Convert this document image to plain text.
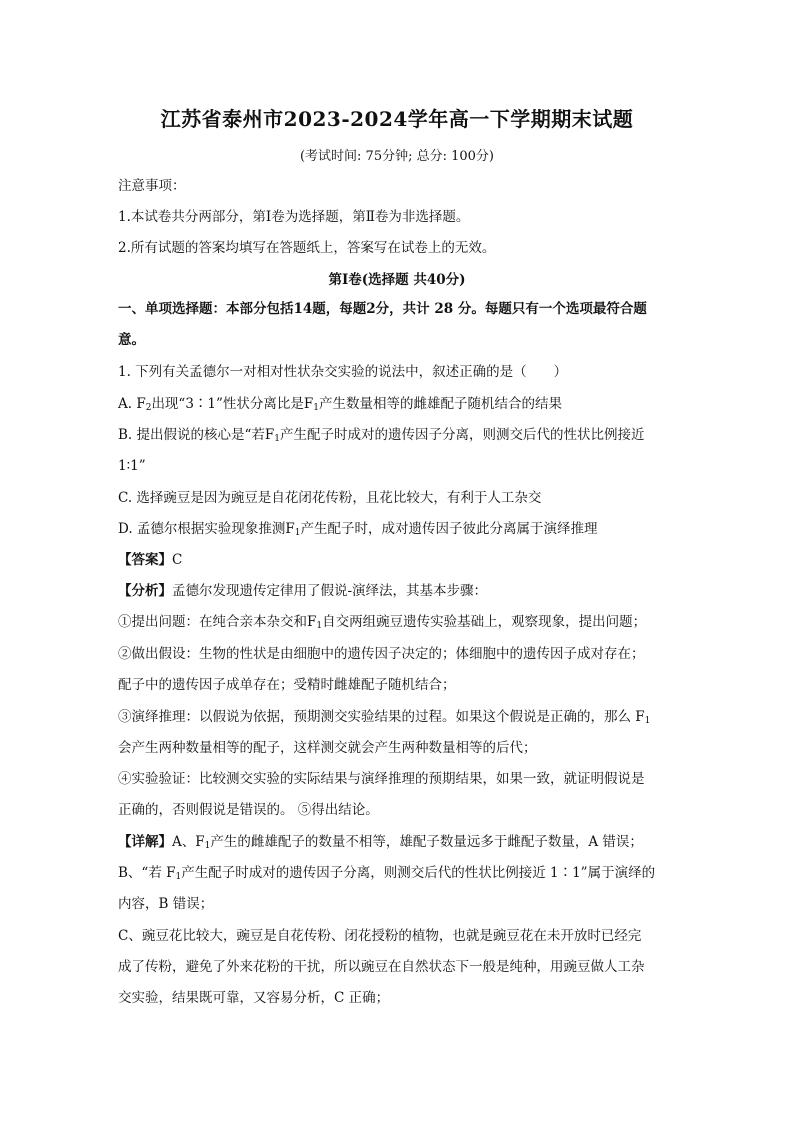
江苏省泰州市2023-2024学年高一下学期期末试题
(考试时间: 75分钟; 总分: 100分)
注意事项：
1.本试卷共分两部分，第Ⅰ卷为选择题，第Ⅱ卷为非选择题。
2.所有试题的答案均填写在答题纸上，答案写在试卷上的无效。
第Ⅰ卷(选择题 共40分)
一、单项选择题：本部分包括14题，每题2分，共计 28 分。每题只有一个选项最符合题
意。
1. 下列有关孟德尔一对相对性状杂交实验的说法中，叙述正确的是（　　）
A. $F_2$出现“3∶1”性状分离比是$F_1$产生数量相等的雌雄配子随机结合的结果
B. 提出假说的核心是“若$F_1$产生配子时成对的遗传因子分离，则测交后代的性状比例接近
1∶1”
C. 选择豌豆是因为豌豆是自花闭花传粉，且花比较大，有利于人工杂交
D. 孟德尔根据实验现象推测$F_1$产生配子时，成对遗传因子彼此分离属于演绎推理
【答案】C
【分析】孟德尔发现遗传定律用了假说-演绎法，其基本步骤：
①提出问题：在纯合亲本杂交和$F_1$自交两组豌豆遗传实验基础上，观察现象，提出问题；
②做出假设：生物的性状是由细胞中的遗传因子决定的；体细胞中的遗传因子成对存在；
配子中的遗传因子成单存在；受精时雌雄配子随机结合；
③演绎推理：以假说为依据，预期测交实验结果的过程。如果这个假说是正确的，那么 $F_1$
会产生两种数量相等的配子，这样测交就会产生两种数量相等的后代；
④实验验证：比较测交实验的实际结果与演绎推理的预期结果，如果一致，就证明假说是
正确的，否则假说是错误的。 ⑤得出结论。
【详解】A、$F_1$产生的雌雄配子的数量不相等，雄配子数量远多于雌配子数量，A 错误；
B、“若 $F_1$产生配子时成对的遗传因子分离，则测交后代的性状比例接近 1∶1”属于演绎的
内容，B 错误；
C、豌豆花比较大，豌豆是自花传粉、闭花授粉的植物，也就是豌豆花在未开放时已经完
成了传粉，避免了外来花粉的干扰，所以豌豆在自然状态下一般是纯种，用豌豆做人工杂
交实验，结果既可靠，又容易分析，C 正确；
